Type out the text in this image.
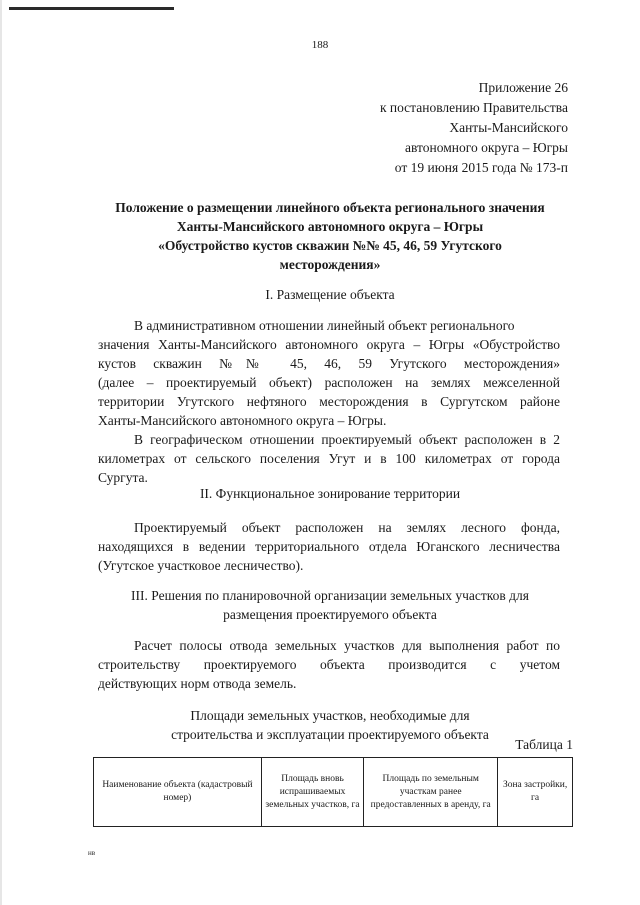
188
Приложение 26
к постановлению Правительства
Ханты-Мансийского
автономного округа – Югры
от 19 июня 2015 года № 173-п
Положение о размещении линейного объекта регионального значения
Ханты-Мансийского автономного округа – Югры
«Обустройство кустов скважин №№ 45, 46, 59 Угутского
месторождения»
I. Размещение объекта
В административном отношении линейный объект регионального
значения Ханты-Мансийского автономного округа – Югры «Обустройство
кустов скважин №№ 45, 46, 59 Угутского месторождения»
(далее – проектируемый объект) расположен на землях межселенной
территории Угутского нефтяного месторождения в Сургутском районе
Ханты-Мансийского автономного округа – Югры.
В географическом отношении проектируемый объект расположен в 2
километрах от сельского поселения Угут и в 100 километрах от города
Сургута.
II. Функциональное зонирование территории
Проектируемый объект расположен на землях лесного фонда,
находящихся в ведении территориального отдела Юганского лесничества
(Угутское участковое лесничество).
III. Решения по планировочной организации земельных участков для
размещения проектируемого объекта
Расчет полосы отвода земельных участков для выполнения работ по
строительству проектируемого объекта производится с учетом
действующих норм отвода земель.
Площади земельных участков, необходимые для
строительства и эксплуатации проектируемого объекта
Таблица 1
Наименование объекта (кадастровый номер)	Площадь вновь испрашиваемых земельных участков, га	Площадь по земельным участкам ранее предоставленных в аренду, га	Зона застройки, га
нв
